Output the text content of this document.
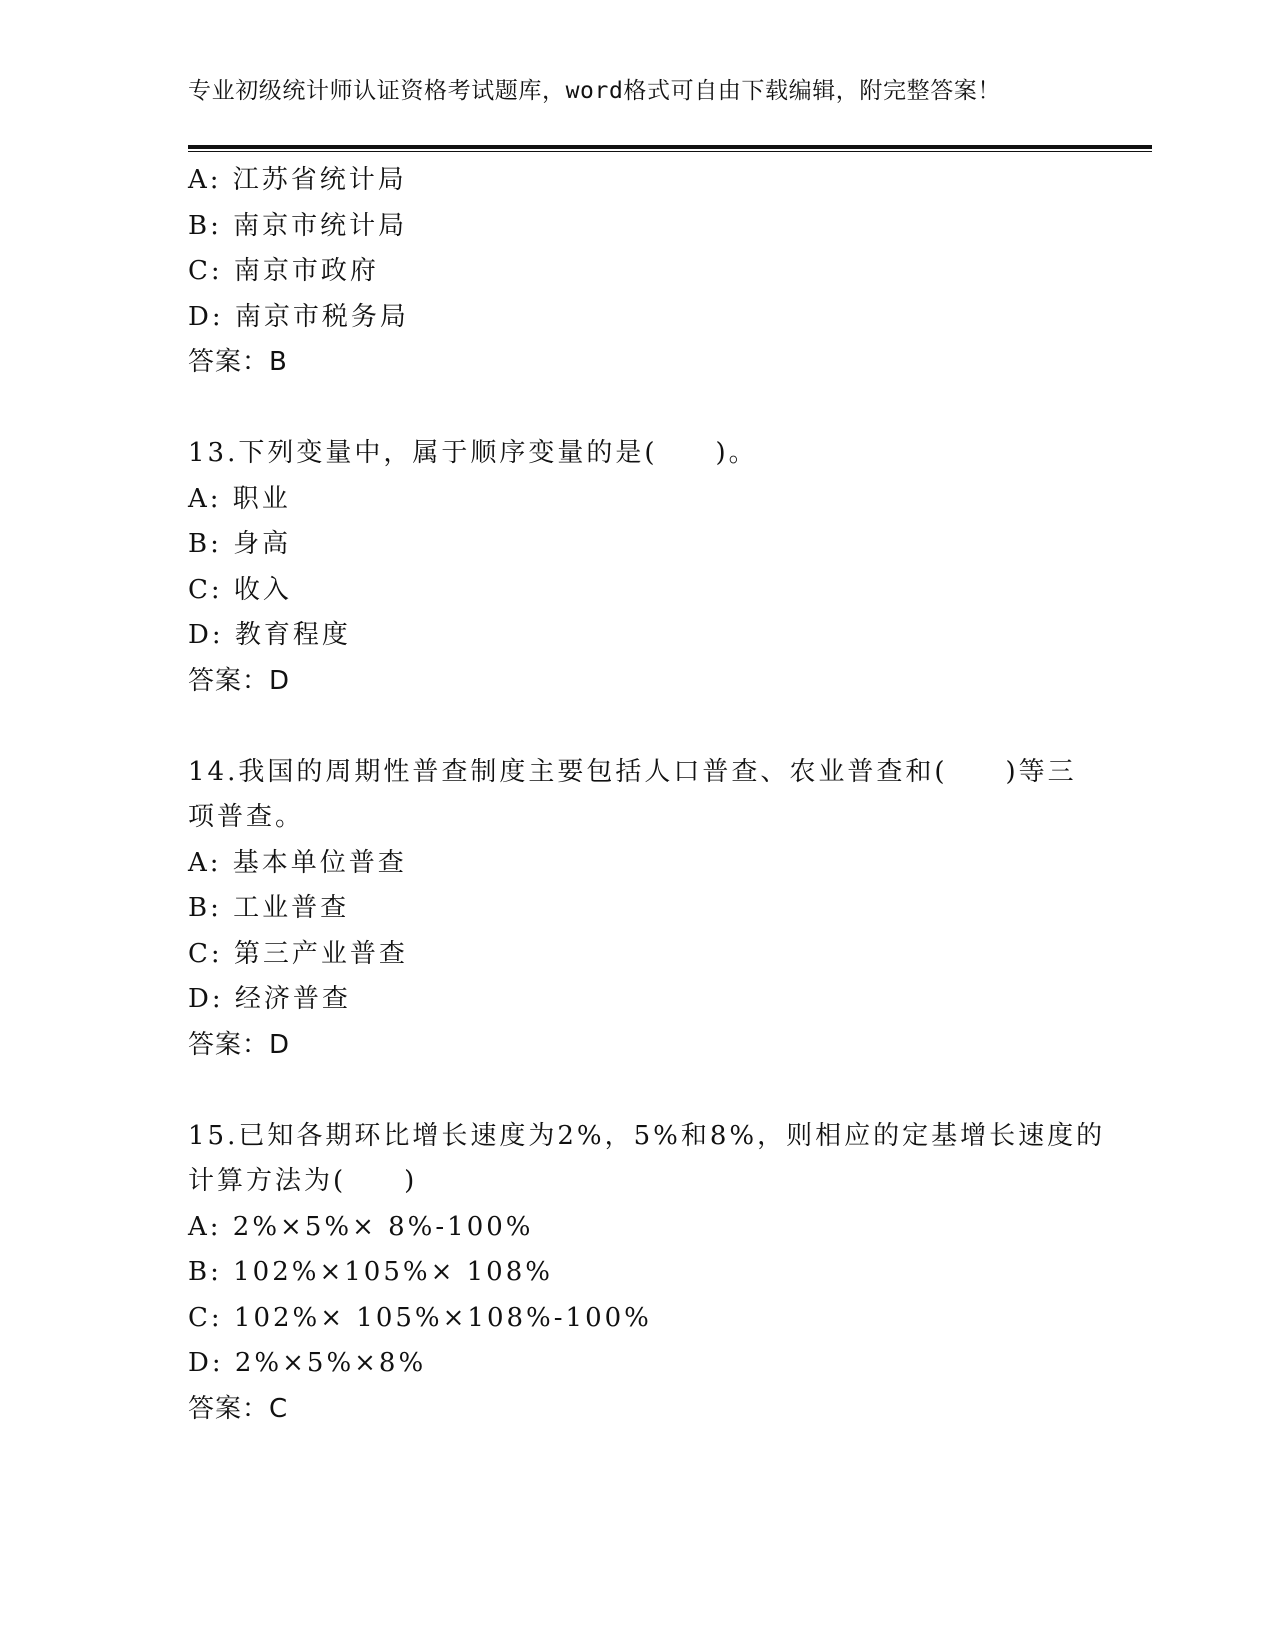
专业初级统计师认证资格考试题库，word格式可自由下载编辑，附完整答案！
A: 江苏省统计局
B: 南京市统计局
C: 南京市政府
D: 南京市税务局
答案：B
13.下列变量中，属于顺序变量的是(　　)。
A: 职业
B: 身高
C: 收入
D: 教育程度
答案：D
14.我国的周期性普查制度主要包括人口普查、农业普查和(　　)等三
项普查。
A: 基本单位普查
B: 工业普查
C: 第三产业普查
D: 经济普查
答案：D
15.已知各期环比增长速度为2%，5%和8%，则相应的定基增长速度的
计算方法为(　　)
A: 2%×5%× 8%-100%
B: 102%×105%× 108%
C: 102%× 105%×108%-100%
D: 2%×5%×8%
答案：C
